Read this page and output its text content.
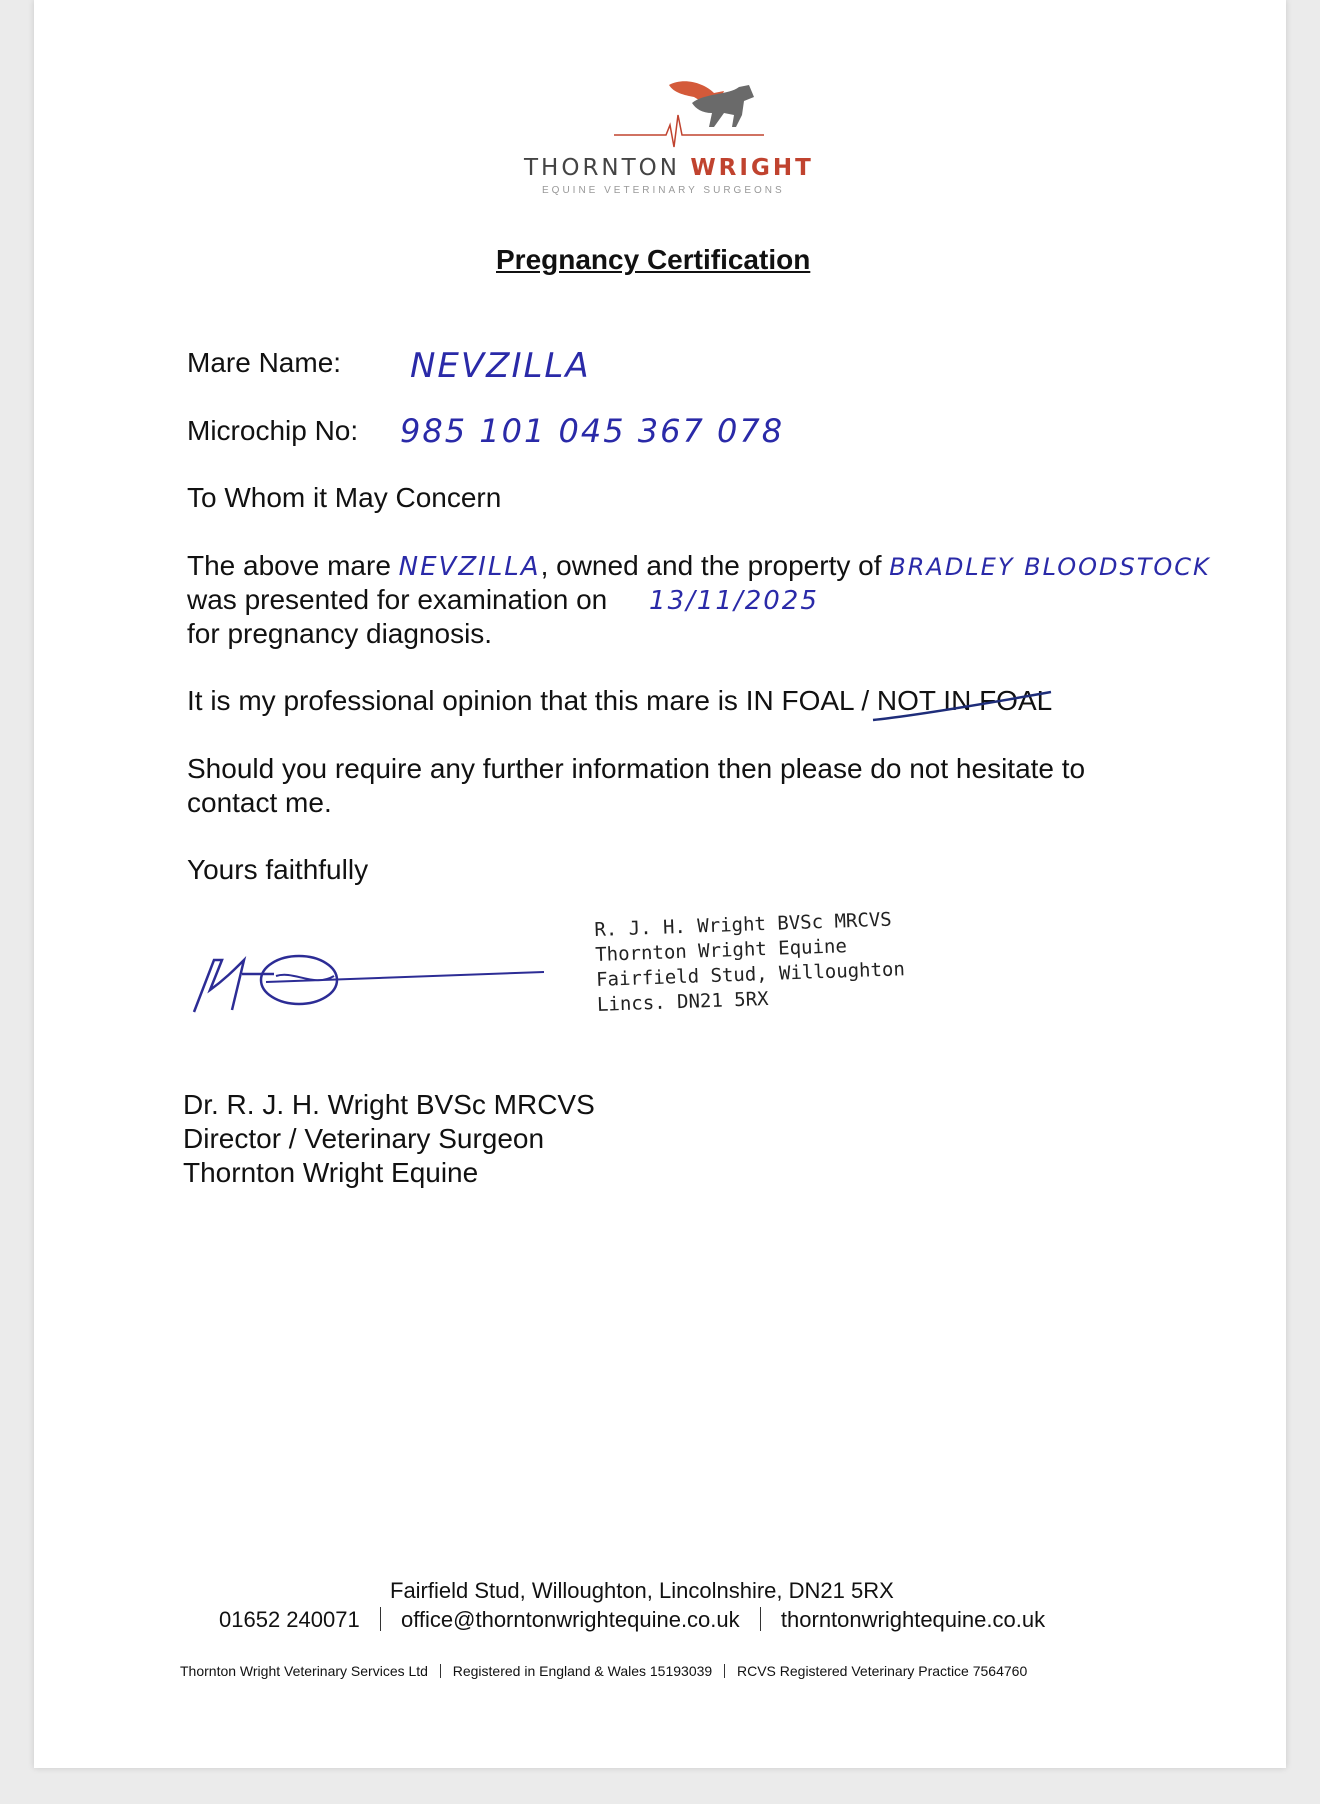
THORNTON WRIGHT
EQUINE VETERINARY SURGEONS
Pregnancy Certification
Mare Name: NEVZILLA
Microchip No: 985 101 045 367 078
To Whom it May Concern
The above mare NEVZILLA, owned and the property of BRADLEY BLOODSTOCK
was presented for examination on 13/11/2025
for pregnancy diagnosis.
It is my professional opinion that this mare is IN FOAL / NOT IN FOAL
Should you require any further information then please do not hesitate to
contact me.
Yours faithfully
R. J. H. Wright BVSc MRCVS
Thornton Wright Equine
Fairfield Stud, Willoughton
Lincs. DN21 5RX
Dr. R. J. H. Wright BVSc MRCVS
Director / Veterinary Surgeon
Thornton Wright Equine
Fairfield Stud, Willoughton, Lincolnshire, DN21 5RX
01652 240071 office@thorntonwrightequine.co.uk thorntonwrightequine.co.uk
Thornton Wright Veterinary Services Ltd Registered in England & Wales 15193039 RCVS Registered Veterinary Practice 7564760
